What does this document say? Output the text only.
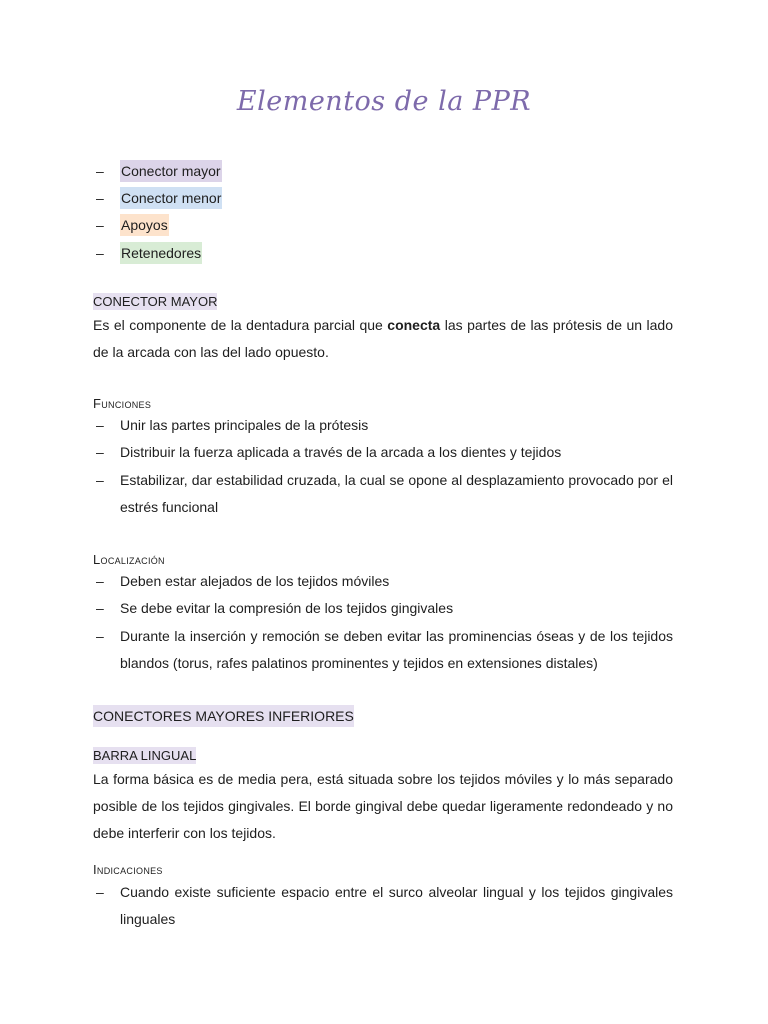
Elementos de la PPR
–	Conector mayor
–	Conector menor
–	Apoyos
–	Retenedores
CONECTOR MAYOR
Es el componente de la dentadura parcial que conecta las partes de las prótesis de un lado de la arcada con las del lado opuesto.
Funciones
– Unir las partes principales de la prótesis
– Distribuir la fuerza aplicada a través de la arcada a los dientes y tejidos
– Estabilizar, dar estabilidad cruzada, la cual se opone al desplazamiento provocado por el estrés funcional
Localización
– Deben estar alejados de los tejidos móviles
– Se debe evitar la compresión de los tejidos gingivales
– Durante la inserción y remoción se deben evitar las prominencias óseas y de los tejidos blandos (torus, rafes palatinos prominentes y tejidos en extensiones distales)
CONECTORES MAYORES INFERIORES
BARRA LINGUAL
La forma básica es de media pera, está situada sobre los tejidos móviles y lo más separado posible de los tejidos gingivales. El borde gingival debe quedar ligeramente redondeado y no debe interferir con los tejidos.
Indicaciones
– Cuando existe suficiente espacio entre el surco alveolar lingual y los tejidos gingivales linguales
